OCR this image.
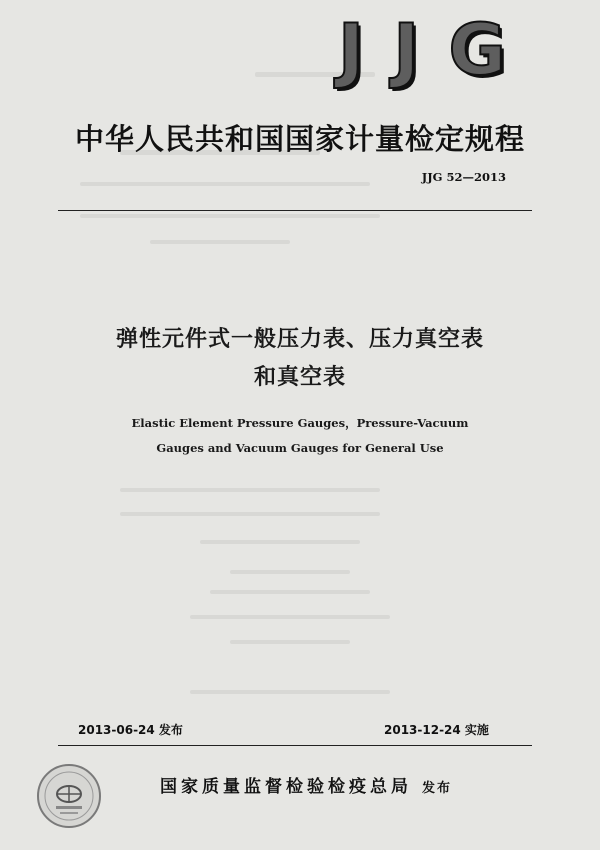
J J G
中华人民共和国国家计量检定规程
JJG 52—2013
弹性元件式一般压力表、压力真空表
和真空表
Elastic Element Pressure Gauges，Pressure-Vacuum
Gauges and Vacuum Gauges for General Use
2013-06-24 发布	2013-12-24 实施
国家质量监督检验检疫总局 发布
